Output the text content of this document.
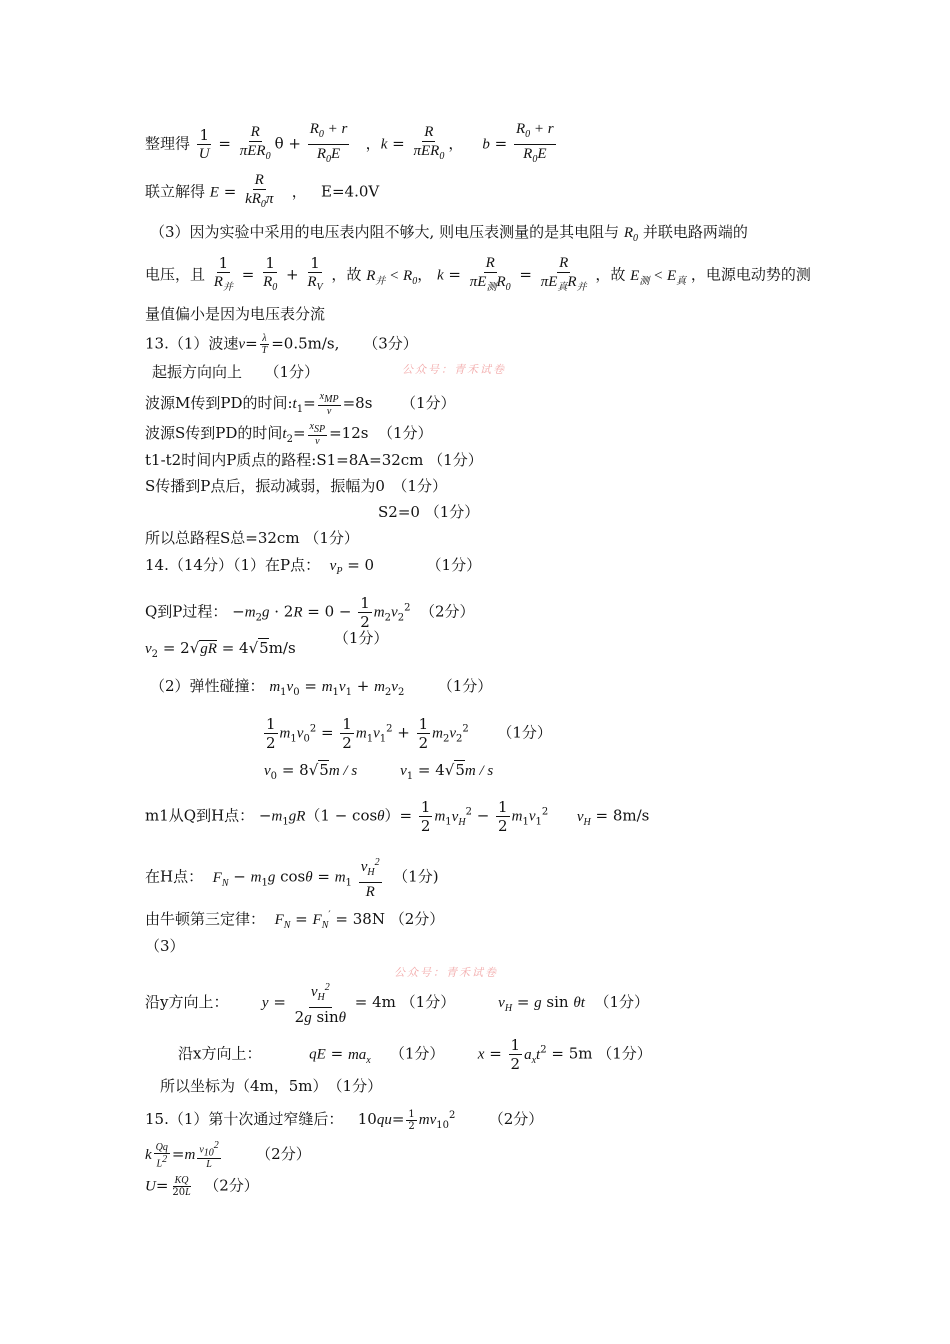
整理得 $\frac{1}{U} = \frac{R}{\pi ER_0}$ $\theta + \frac{R_0 + r}{R_0E}$ ，$k = \frac{R}{\pi ER_0}$ ，    $b = \frac{R_0 + r}{R_0E}$
联立解得 $E = \frac{R}{kR_0\pi}$ ，   E=4.0V
（3）因为实验中采用的电压表内阻不够大, 则电压表测量的是其电阻与 $R_0$ 并联电路两端的
电压，且 $\frac{1}{R_并} = \frac{1}{R_0} + \frac{1}{R_V}$ ，故 $R_并 < R_0$， $k = \frac{R}{\pi E_测R_0} = \frac{R}{\pi E_真R_并}$ ，故 $E_测 < E_真$ ，电源电动势的测
量值偏小是因为电压表分流
13.（1）波速$v= \frac{\lambda}{T} =0.5m/s$, （3分）
公众号：青禾试卷
起振方向向上　　（1分）
波源M传到PD的时间$:t_1= \frac{x_{MP}}{v} =8s$ （1分）
波源S传到PD的时间$t_2= \frac{x_{SP}}{v} =12s$ （1分）
t1-t2时间内P质点的路程:S1=8A=32cm （1分）
S传播到P点后，振动减弱，振幅为0　（1分）
S2=0 （1分）
所以总路程S总=32cm （1分）
14.（14分）（1）在P点： $v_P = 0$           （1分）
Q到P过程： $-m_2g \cdot 2R = 0 - \frac{1}{2} m_2v_2^2$ （2分）
$v_2 = 2√gR = 4√5m/s$        （1分）
（2）弹性碰撞： $m_1v_0 = m_1v_1 + m_2v_2$ （1分）
$\frac{1}{2} m_1v_0^2 = \frac{1}{2} m_1v_1^2 + \frac{1}{2} m_2v_2^2$ （1分）
$v_0 = 8√5m / s$	$v_1 = 4√5m / s$
m1从Q到H点： $-m_1gR(1 - \cos\theta)= \frac{1}{2} m_1v_H^2 - \frac{1}{2} m_1v_1^2$ $v_H = 8m/s$
在H点： $F_N - m_1g$ $\cos\theta = m_1 \frac{v_H^2}{R} (1$分)
由牛顿第三定律： $F_N = F_N' = 38N$ （2分）
（3）
公众号：青禾试卷
沿y方向上： $y = \frac{v_H^2}{\text{2g sinθ}} = 4m$ （1分）	$v_H = g$ sin θt （1分）
沿x方向上：	qE = $ma_x$ （1分） $x = \frac{1}{2} a_xt^2 = 5m$ （1分）
所以坐标为（4m，5m）　（1分）
15.（1）第十次通过窄缝后：   $10qu= \frac{1}{2} mv_{10}^2$ （2分）
k $\frac{Qq}{L^2} =m \frac{v_{10}^2}{L} (2$分）
$U= \frac{KQ}{20L} (2$分）
